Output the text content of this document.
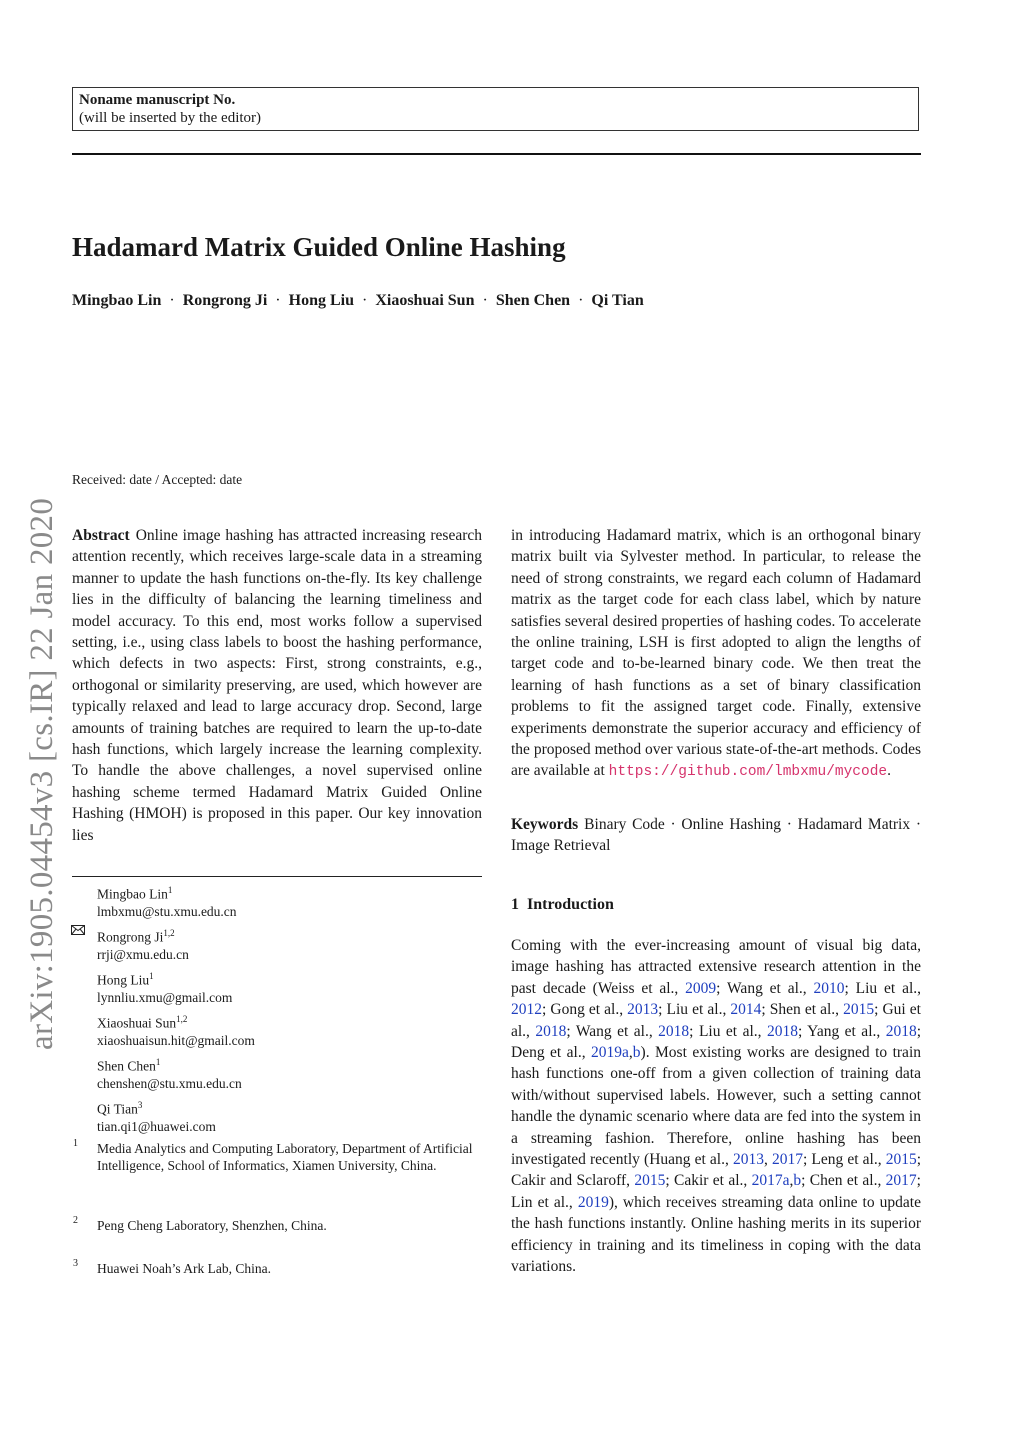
Noname manuscript No.
(will be inserted by the editor)
Hadamard Matrix Guided Online Hashing
Mingbao Lin · Rongrong Ji · Hong Liu · Xiaoshuai Sun · Shen Chen · Qi Tian
arXiv:1905.04454v3 [cs.IR] 22 Jan 2020
Received: date / Accepted: date
Abstract Online image hashing has attracted increasing research attention recently, which receives large-scale data in a streaming manner to update the hash functions on-the-fly. Its key challenge lies in the difficulty of balancing the learning timeliness and model accuracy. To this end, most works follow a supervised setting, i.e., using class labels to boost the hashing performance, which defects in two aspects: First, strong constraints, e.g., orthogonal or similarity preserving, are used, which however are typically relaxed and lead to large accuracy drop. Second, large amounts of training batches are required to learn the up-to-date hash functions, which largely increase the learning complexity. To handle the above challenges, a novel supervised online hashing scheme termed Hadamard Matrix Guided Online Hashing (HMOH) is proposed in this paper. Our key innovation lies
in introducing Hadamard matrix, which is an orthogonal binary matrix built via Sylvester method. In particular, to release the need of strong constraints, we regard each column of Hadamard matrix as the target code for each class label, which by nature satisfies several desired properties of hashing codes. To accelerate the online training, LSH is first adopted to align the lengths of target code and to-be-learned binary code. We then treat the learning of hash functions as a set of binary classification problems to fit the assigned target code. Finally, extensive experiments demonstrate the superior accuracy and efficiency of the proposed method over various state-of-the-art methods. Codes are available at https://github.com/lmbxmu/mycode.
Keywords Binary Code · Online Hashing · Hadamard Matrix · Image Retrieval
Mingbao Lin$^1$
lmbxmu@stu.xmu.edu.cn
Rongrong Ji$^{1,2}$
rrji@xmu.edu.cn
Hong Liu$^1$
lynnliu.xmu@gmail.com
Xiaoshuai Sun$^{1,2}$
xiaoshuaisun.hit@gmail.com
Shen Chen$^1$
chenshen@stu.xmu.edu.cn
Qi Tian$^3$
tian.qi1@huawei.com
1 Media Analytics and Computing Laboratory, Department of Artificial Intelligence, School of Informatics, Xiamen University, China.
2 Peng Cheng Laboratory, Shenzhen, China.
3 Huawei Noah’s Ark Lab, China.
1 Introduction
Coming with the ever-increasing amount of visual big data, image hashing has attracted extensive research attention in the past decade (Weiss et al., 2009; Wang et al., 2010; Liu et al., 2012; Gong et al., 2013; Liu et al., 2014; Shen et al., 2015; Gui et al., 2018; Wang et al., 2018; Liu et al., 2018; Yang et al., 2018; Deng et al., 2019a,b). Most existing works are designed to train hash functions one-off from a given collection of training data with/without supervised labels. However, such a setting cannot handle the dynamic scenario where data are fed into the system in a streaming fashion. Therefore, online hashing has been investigated recently (Huang et al., 2013, 2017; Leng et al., 2015; Cakir and Sclaroff, 2015; Cakir et al., 2017a,b; Chen et al., 2017; Lin et al., 2019), which receives streaming data online to update the hash functions instantly. Online hashing merits in its superior efficiency in training and its timeliness in coping with the data variations.
